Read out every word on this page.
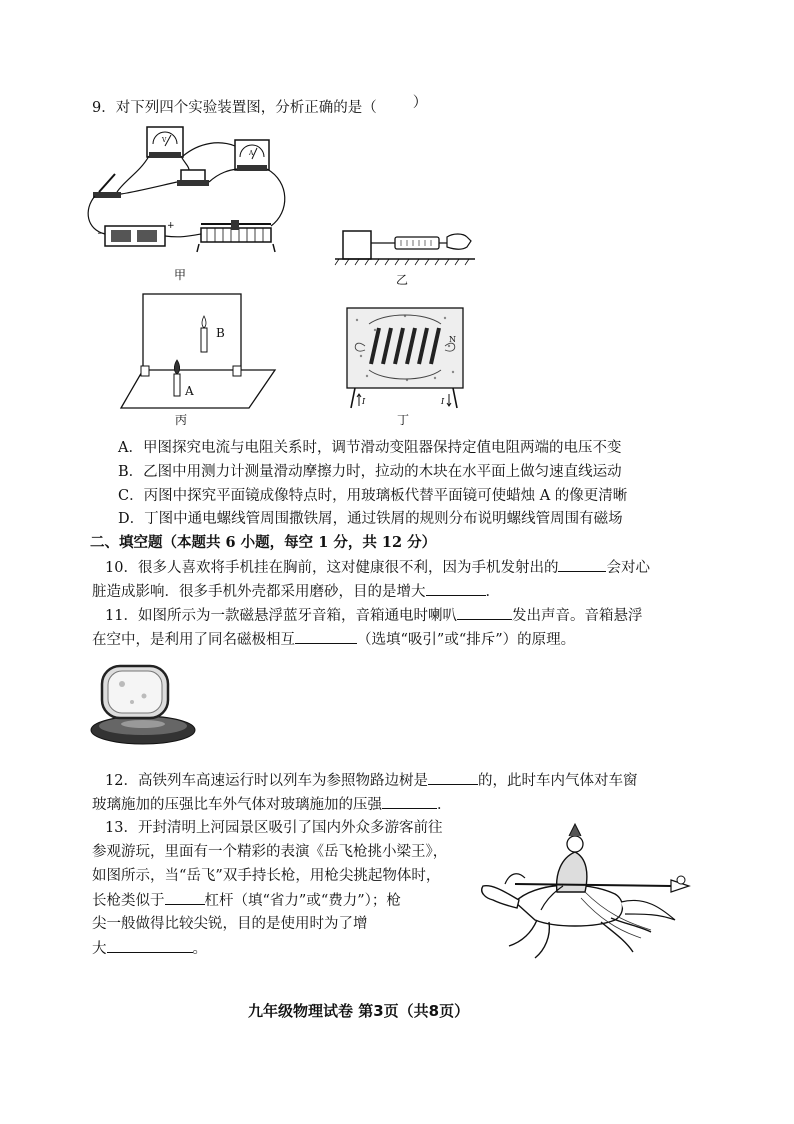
9．对下列四个实验装置图，分析正确的是（ ）
V
A
−
+
甲	乙
B
A
丙
N
I	I
丁
A．甲图探究电流与电阻关系时，调节滑动变阻器保持定值电阻两端的电压不变
B．乙图中用测力计测量滑动摩擦力时，拉动的木块在水平面上做匀速直线运动
C．丙图中探究平面镜成像特点时，用玻璃板代替平面镜可使蜡烛 A 的像更清晰
D．丁图中通电螺线管周围撒铁屑，通过铁屑的规则分布说明螺线管周围有磁场
二、填空题（本题共 6 小题，每空 1 分，共 12 分）
10．很多人喜欢将手机挂在胸前，这对健康很不利，因为手机发射出的	会对心
脏造成影响．很多手机外壳都采用磨砂，目的是增大	．
11．如图所示为一款磁悬浮蓝牙音箱，音箱通电时喇叭	发出声音。音箱悬浮
在空中，是利用了同名磁极相互	（选填“吸引”或“排斥”）的原理。
12．高铁列车高速运行时以列车为参照物路边树是	的，此时车内气体对车窗
玻璃施加的压强比车外气体对玻璃施加的压强	．
13．开封清明上河园景区吸引了国内外众多游客前往
参观游玩，里面有一个精彩的表演《岳飞枪挑小梁王》，
如图所示，当“岳飞”双手持长枪，用枪尖挑起物体时，
长枪类似于	杠杆（填“省力”或“费力”）；枪
尖一般做得比较尖锐，目的是使用时为了增
大	。
九年级物理试卷 第3页（共8页）
